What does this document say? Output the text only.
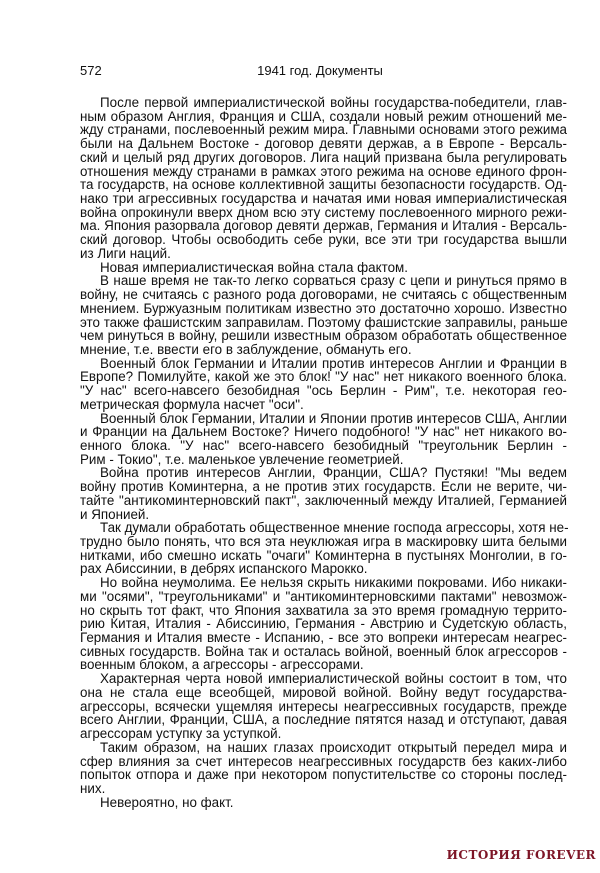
572	1941 год. Документы
После первой империалистической войны государства-победители, глав-
ным образом Англия, Франция и США, создали новый режим отношений ме-
жду странами, послевоенный режим мира. Главными основами этого режима
были на Дальнем Востоке - договор девяти держав, а в Европе - Версаль-
ский и целый ряд других договоров. Лига наций призвана была регулировать
отношения между странами в рамках этого режима на основе единого фрон-
та государств, на основе коллективной защиты безопасности государств. Од-
нако три агрессивных государства и начатая ими новая империалистическая
война опрокинули вверх дном всю эту систему послевоенного мирного режи-
ма. Япония разорвала договор девяти держав, Германия и Италия - Версаль-
ский договор. Чтобы освободить себе руки, все эти три государства вышли
из Лиги наций.
Новая империалистическая война стала фактом.
В наше время не так-то легко сорваться сразу с цепи и ринуться прямо в
войну, не считаясь с разного рода договорами, не считаясь с общественным
мнением. Буржуазным политикам известно это достаточно хорошо. Известно
это также фашистским заправилам. Поэтому фашистские заправилы, раньше
чем ринуться в войну, решили известным образом обработать общественное
мнение, т.е. ввести его в заблуждение, обмануть его.
Военный блок Германии и Италии против интересов Англии и Франции в
Европе? Помилуйте, какой же это блок! "У нас" нет никакого военного блока.
"У нас" всего-навсего безобидная "ось Берлин - Рим", т.е. некоторая гео-
метрическая формула насчет "оси".
Военный блок Германии, Италии и Японии против интересов США, Англии
и Франции на Дальнем Востоке? Ничего подобного! "У нас" нет никакого во-
енного блока. "У нас" всего-навсего безобидный "треугольник Берлин -
Рим - Токио", т.е. маленькое увлечение геометрией.
Война против интересов Англии, Франции, США? Пустяки! "Мы ведем
войну против Коминтерна, а не против этих государств. Если не верите, чи-
тайте "антикоминтерновский пакт", заключенный между Италией, Германией
и Японией.
Так думали обработать общественное мнение господа агрессоры, хотя не-
трудно было понять, что вся эта неуклюжая игра в маскировку шита белыми
нитками, ибо смешно искать "очаги" Коминтерна в пустынях Монголии, в го-
рах Абиссинии, в дебрях испанского Марокко.
Но война неумолима. Ее нельзя скрыть никакими покровами. Ибо никаки-
ми "осями", "треугольниками" и "антикоминтерновскими пактами" невозмож-
но скрыть тот факт, что Япония захватила за это время громадную террито-
рию Китая, Италия - Абиссинию, Германия - Австрию и Судетскую область,
Германия и Италия вместе - Испанию, - все это вопреки интересам неагрес-
сивных государств. Война так и осталась войной, военный блок агрессоров -
военным блоком, а агрессоры - агрессорами.
Характерная черта новой империалистической войны состоит в том, что
она не стала еще всеобщей, мировой войной. Войну ведут государства-
агрессоры, всячески ущемляя интересы неагрессивных государств, прежде
всего Англии, Франции, США, а последние пятятся назад и отступают, давая
агрессорам уступку за уступкой.
Таким образом, на наших глазах происходит открытый передел мира и
сфер влияния за счет интересов неагрессивных государств без каких-либо
попыток отпора и даже при некотором попустительстве со стороны послед-
них.
Невероятно, но факт.
ИСТОРИЯ FOREVER
